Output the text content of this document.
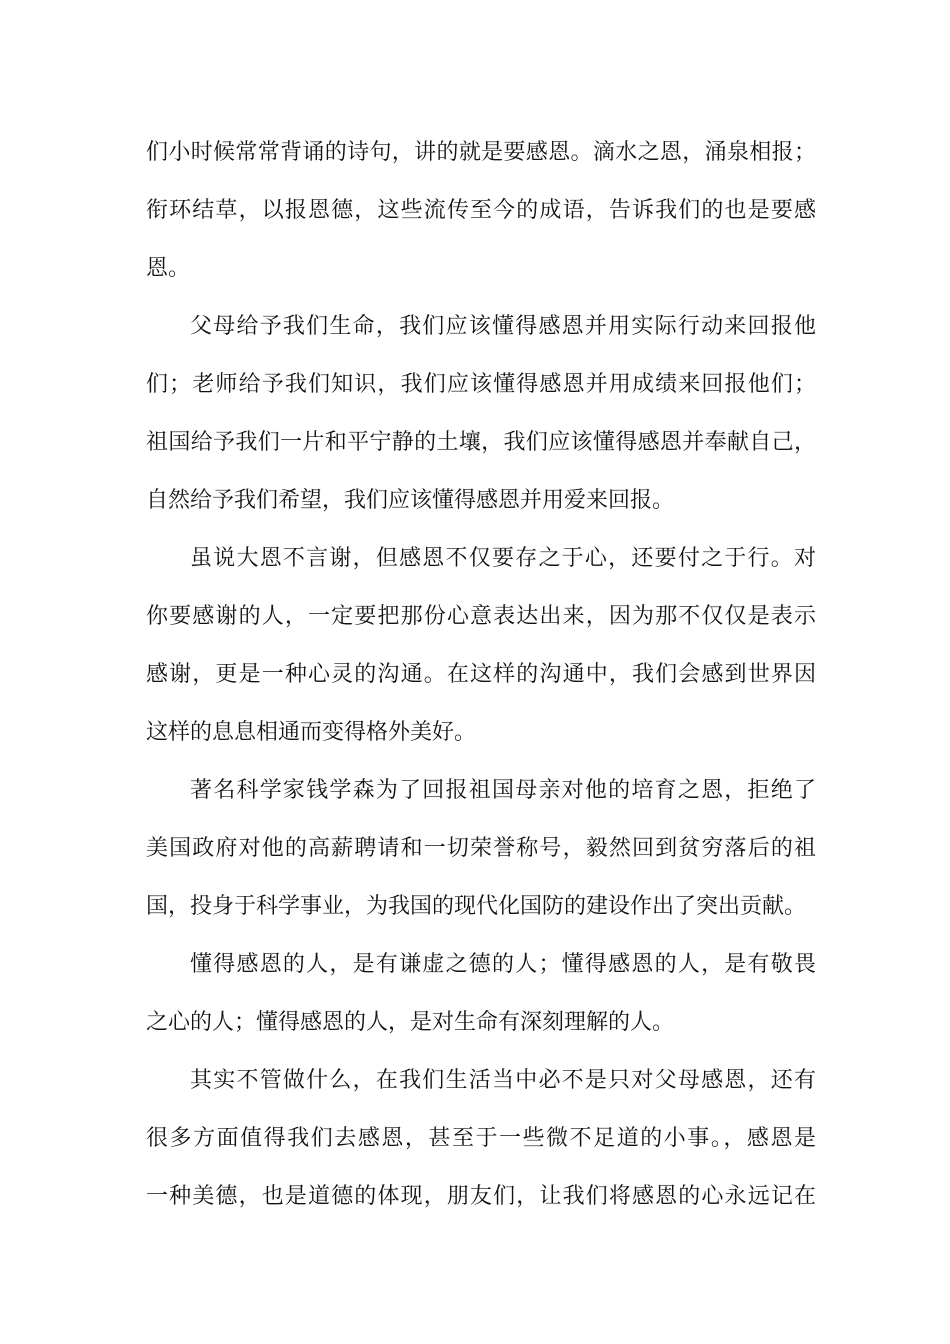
们小时候常常背诵的诗句，讲的就是要感恩。滴水之恩，涌泉相报；
衔环结草，以报恩德，这些流传至今的成语，告诉我们的也是要感
恩。
父母给予我们生命，我们应该懂得感恩并用实际行动来回报他
们；老师给予我们知识，我们应该懂得感恩并用成绩来回报他们；
祖国给予我们一片和平宁静的土壤，我们应该懂得感恩并奉献自己，
自然给予我们希望，我们应该懂得感恩并用爱来回报。
虽说大恩不言谢，但感恩不仅要存之于心，还要付之于行。对
你要感谢的人，一定要把那份心意表达出来，因为那不仅仅是表示
感谢，更是一种心灵的沟通。在这样的沟通中，我们会感到世界因
这样的息息相通而变得格外美好。
著名科学家钱学森为了回报祖国母亲对他的培育之恩，拒绝了
美国政府对他的高薪聘请和一切荣誉称号，毅然回到贫穷落后的祖
国，投身于科学事业，为我国的现代化国防的建设作出了突出贡献。
懂得感恩的人，是有谦虚之德的人；懂得感恩的人，是有敬畏
之心的人；懂得感恩的人，是对生命有深刻理解的人。
其实不管做什么，在我们生活当中必不是只对父母感恩，还有
很多方面值得我们去感恩，甚至于一些微不足道的小事。，感恩是
一种美德，也是道德的体现，朋友们，让我们将感恩的心永远记在
